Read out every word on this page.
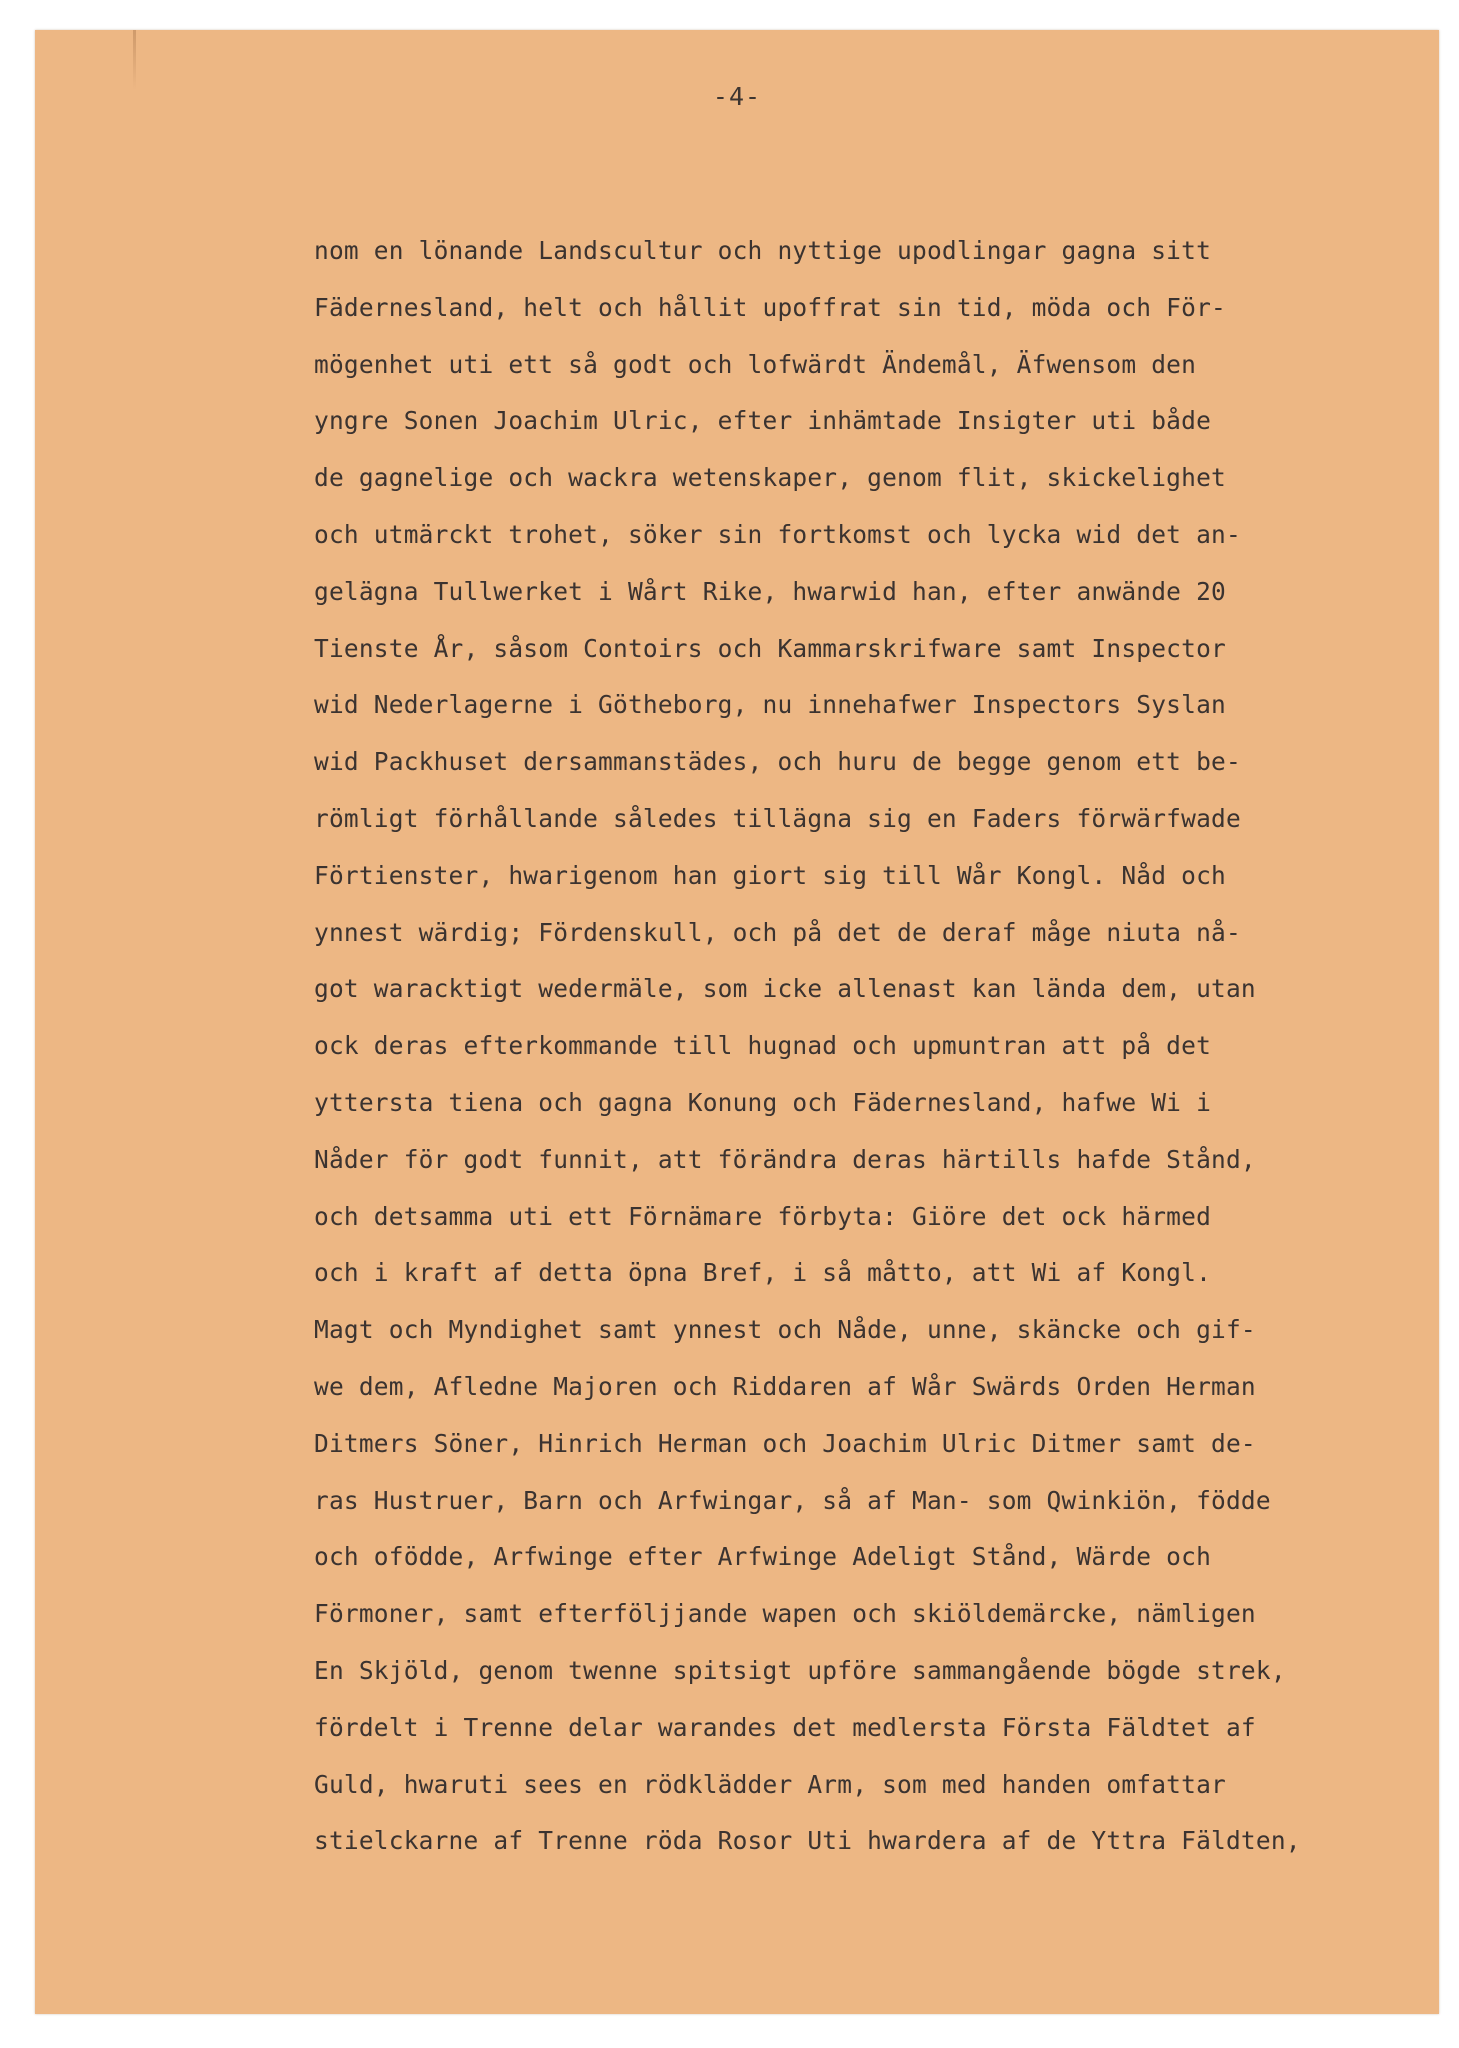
-4-
nom en lönande Landscultur och nyttige upodlingar gagna sitt
Fädernesland, helt och hållit upoffrat sin tid, möda och För-
mögenhet uti ett så godt och lofwärdt Ändemål, Äfwensom den
yngre Sonen Joachim Ulric, efter inhämtade Insigter uti både
de gagnelige och wackra wetenskaper, genom flit, skickelighet
och utmärckt trohet, söker sin fortkomst och lycka wid det an-
gelägna Tullwerket i Wårt Rike, hwarwid han, efter anwände 20
Tienste År, såsom Contoirs och Kammarskrifware samt Inspector
wid Nederlagerne i Götheborg, nu innehafwer Inspectors Syslan
wid Packhuset dersammanstädes, och huru de begge genom ett be-
römligt förhållande således tillägna sig en Faders förwärfwade
Förtienster, hwarigenom han giort sig till Wår Kongl. Nåd och
ynnest wärdig; Fördenskull, och på det de deraf måge niuta nå-
got waracktigt wedermäle, som icke allenast kan lända dem, utan
ock deras efterkommande till hugnad och upmuntran att på det
yttersta tiena och gagna Konung och Fädernesland, hafwe Wi i
Nåder för godt funnit, att förändra deras härtills hafde Stånd,
och detsamma uti ett Förnämare förbyta: Giöre det ock härmed
och i kraft af detta öpna Bref, i så måtto, att Wi af Kongl.
Magt och Myndighet samt ynnest och Nåde, unne, skäncke och gif-
we dem, Afledne Majoren och Riddaren af Wår Swärds Orden Herman
Ditmers Söner, Hinrich Herman och Joachim Ulric Ditmer samt de-
ras Hustruer, Barn och Arfwingar, så af Man- som Qwinkiön, födde
och ofödde, Arfwinge efter Arfwinge Adeligt Stånd, Wärde och
Förmoner, samt efterföljjande wapen och skiöldemärcke, nämligen
En Skjöld, genom twenne spitsigt upföre sammangående bögde strek,
fördelt i Trenne delar warandes det medlersta Första Fäldtet af
Guld, hwaruti sees en rödklädder Arm, som med handen omfattar
stielckarne af Trenne röda Rosor Uti hwardera af de Yttra Fäldten,
